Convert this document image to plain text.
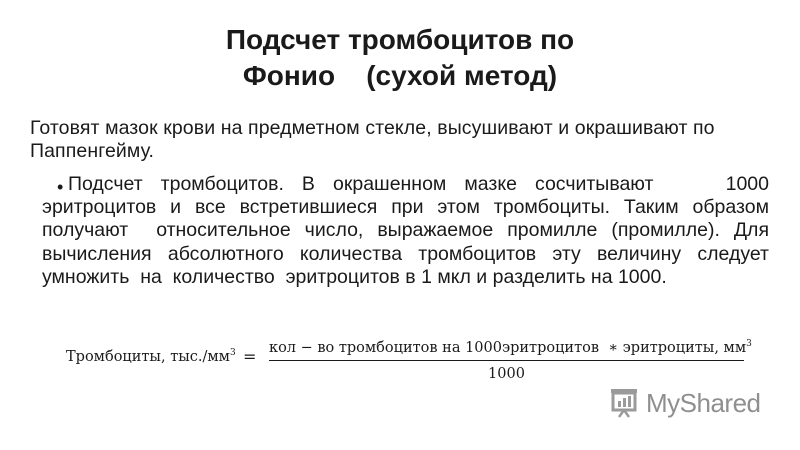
Подсчет тромбоцитов по
Фонио    (сухой метод)
Готовят мазок крови на предметном стекле, высушивают и окрашивают по Паппенгейму.
• Подсчет тромбоцитов. В окрашенном мазке сосчитывают    1000 эритроцитов и все встретившиеся при этом тромбоциты. Таким образом получают  относительное число, выражаемое промилле (промилле). Для вычисления абсолютного количества тромбоцитов эту величину следует умножить  на  количество  эритроцитов в 1 мкл и разделить на 1000.
Тромбоциты, $тыс./мм^3$ = кол − во тромбоцитов на 1000эритроцитов  ∗ эритроциты, $мм^3$
1000
MyShared
